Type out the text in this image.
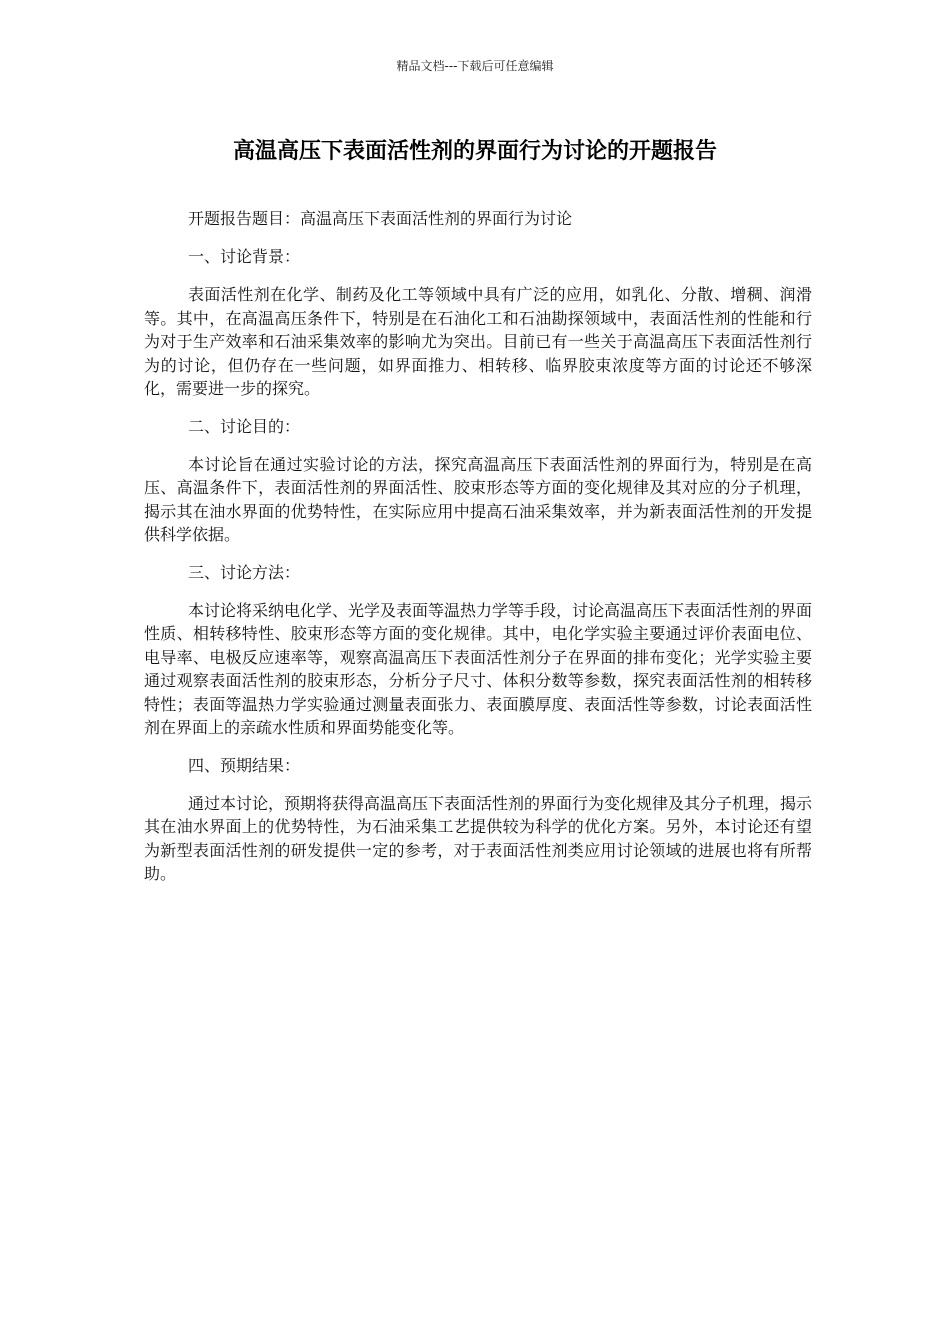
精品文档---下载后可任意编辑
高温高压下表面活性剂的界面行为讨论的开题报告

开题报告题目：高温高压下表面活性剂的界面行为讨论

一、讨论背景：

表面活性剂在化学、制药及化工等领域中具有广泛的应用，如乳化、分散、增稠、润滑等。其中，在高温高压条件下，特别是在石油化工和石油勘探领域中，表面活性剂的性能和行为对于生产效率和石油采集效率的影响尤为突出。目前已有一些关于高温高压下表面活性剂行为的讨论，但仍存在一些问题，如界面推力、相转移、临界胶束浓度等方面的讨论还不够深化，需要进一步的探究。

二、讨论目的：

本讨论旨在通过实验讨论的方法，探究高温高压下表面活性剂的界面行为，特别是在高压、高温条件下，表面活性剂的界面活性、胶束形态等方面的变化规律及其对应的分子机理，揭示其在油水界面的优势特性，在实际应用中提高石油采集效率，并为新表面活性剂的开发提供科学依据。

三、讨论方法：

本讨论将采纳电化学、光学及表面等温热力学等手段，讨论高温高压下表面活性剂的界面性质、相转移特性、胶束形态等方面的变化规律。其中，电化学实验主要通过评价表面电位、电导率、电极反应速率等，观察高温高压下表面活性剂分子在界面的排布变化；光学实验主要通过观察表面活性剂的胶束形态，分析分子尺寸、体积分数等参数，探究表面活性剂的相转移特性；表面等温热力学实验通过测量表面张力、表面膜厚度、表面活性等参数，讨论表面活性剂在界面上的亲疏水性质和界面势能变化等。

四、预期结果：

通过本讨论，预期将获得高温高压下表面活性剂的界面行为变化规律及其分子机理，揭示其在油水界面上的优势特性，为石油采集工艺提供较为科学的优化方案。另外，本讨论还有望为新型表面活性剂的研发提供一定的参考，对于表面活性剂类应用讨论领域的进展也将有所帮助。
